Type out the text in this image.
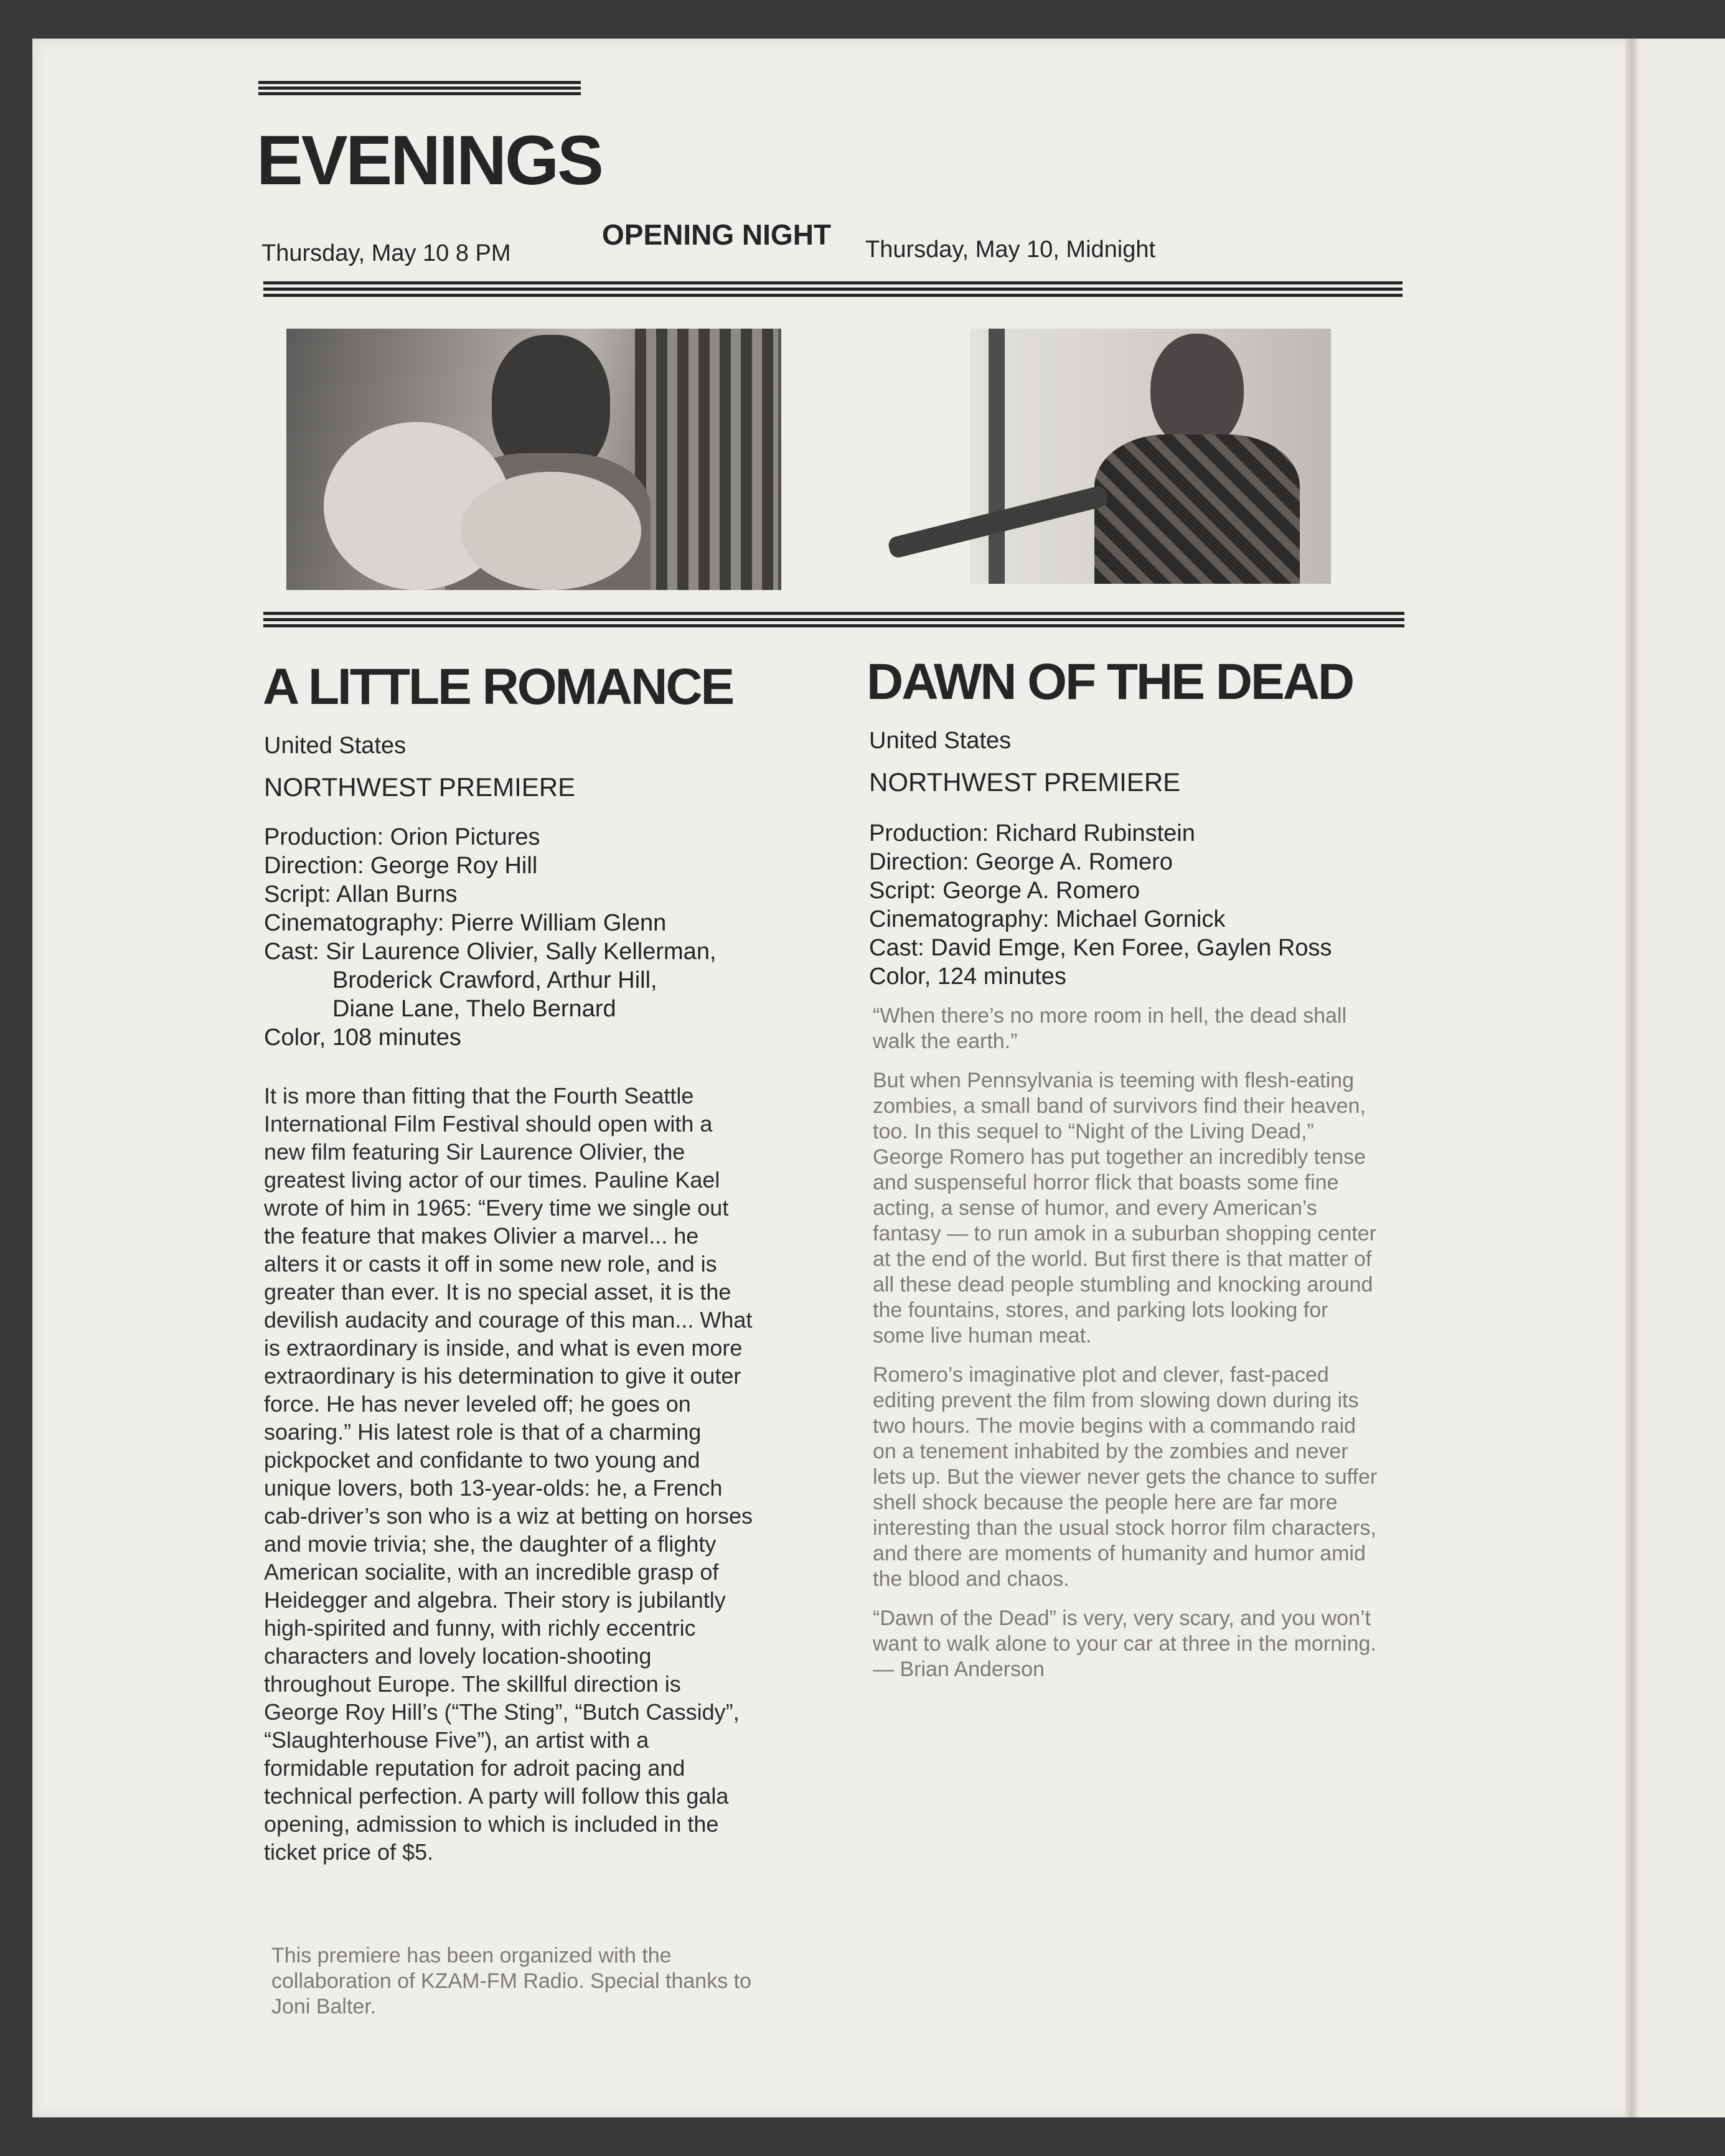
EVENINGS
Thursday, May 10 8 PM
OPENING NIGHT Thursday, May 10, Midnight
A LITTLE ROMANCE
United States
NORTHWEST PREMIERE
Production: Orion Pictures
Direction: George Roy Hill
Script: Allan Burns
Cinematography: Pierre William Glenn
Cast: Sir Laurence Olivier, Sally Kellerman,
Broderick Crawford, Arthur Hill,
Diane Lane, Thelo Bernard
Color, 108 minutes

It is more than fitting that the Fourth Seattle International Film Festival should open with a new film featuring Sir Laurence Olivier, the greatest living actor of our times. Pauline Kael wrote of him in 1965: “Every time we single out the feature that makes Olivier a marvel... he alters it or casts it off in some new role, and is greater than ever. It is no special asset, it is the devilish audacity and courage of this man... What is extraordinary is inside, and what is even more extraordinary is his determination to give it outer force. He has never leveled off; he goes on soaring.” His latest role is that of a charming pickpocket and confidante to two young and unique lovers, both 13-year-olds: he, a French cab-driver’s son who is a wiz at betting on horses and movie trivia; she, the daughter of a flighty American socialite, with an incredible grasp of Heidegger and algebra. Their story is jubilantly high-spirited and funny, with richly eccentric characters and lovely location-shooting throughout Europe. The skillful direction is George Roy Hill’s (“The Sting”, “Butch Cassidy”, “Slaughterhouse Five”), an artist with a formidable reputation for adroit pacing and technical perfection. A party will follow this gala opening, admission to which is included in the ticket price of $5.

This premiere has been organized with the collaboration of KZAM-FM Radio. Special thanks to Joni Balter.

DAWN OF THE DEAD
United States
NORTHWEST PREMIERE
Production: Richard Rubinstein
Direction: George A. Romero
Script: George A. Romero
Cinematography: Michael Gornick
Cast: David Emge, Ken Foree, Gaylen Ross
Color, 124 minutes

“When there’s no more room in hell, the dead shall walk the earth.”

But when Pennsylvania is teeming with flesh-eating zombies, a small band of survivors find their heaven, too. In this sequel to “Night of the Living Dead,” George Romero has put together an incredibly tense and suspenseful horror flick that boasts some fine acting, a sense of humor, and every American’s fantasy — to run amok in a suburban shopping center at the end of the world. But first there is that matter of all these dead people stumbling and knocking around the fountains, stores, and parking lots looking for some live human meat.

Romero’s imaginative plot and clever, fast-paced editing prevent the film from slowing down during its two hours. The movie begins with a commando raid on a tenement inhabited by the zombies and never lets up. But the viewer never gets the chance to suffer shell shock because the people here are far more interesting than the usual stock horror film characters, and there are moments of humanity and humor amid the blood and chaos.

“Dawn of the Dead” is very, very scary, and you won’t want to walk alone to your car at three in the morning. — Brian Anderson
